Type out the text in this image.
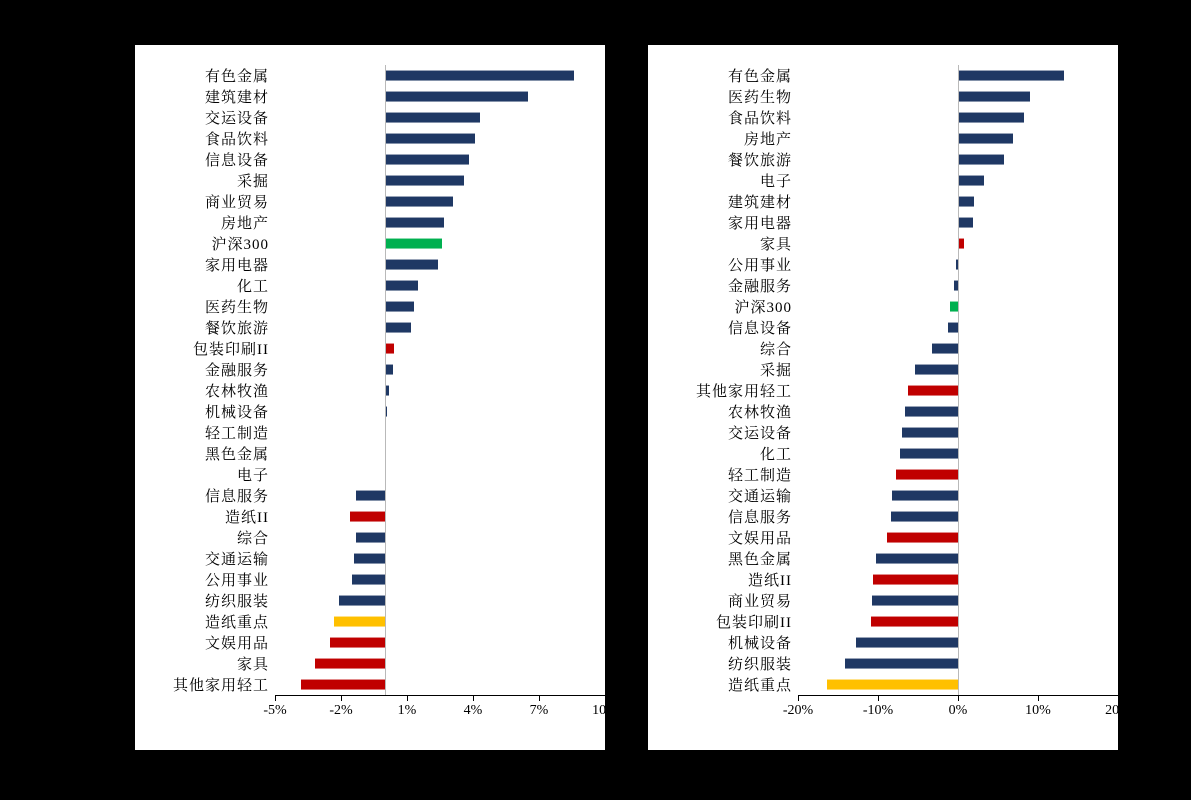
有色金属
建筑建材
交运设备
食品饮料
信息设备
采掘
商业贸易
房地产
沪深300
家用电器
化工
医药生物
餐饮旅游
包装印刷II
金融服务
农林牧渔
机械设备
轻工制造
黑色金属
电子
信息服务
造纸II
综合
交通运输
公用事业
纺织服装
造纸重点
文娱用品
家具
其他家用轻工
-5%	-2%	1%	4%	7%	10%
有色金属
医药生物
食品饮料
房地产
餐饮旅游
电子
建筑建材
家用电器
家具
公用事业
金融服务
沪深300
信息设备
综合
采掘
其他家用轻工
农林牧渔
交运设备
化工
轻工制造
交通运输
信息服务
文娱用品
黑色金属
造纸II
商业贸易
包装印刷II
机械设备
纺织服装
造纸重点
-20%	-10%	0%	10%	20%
